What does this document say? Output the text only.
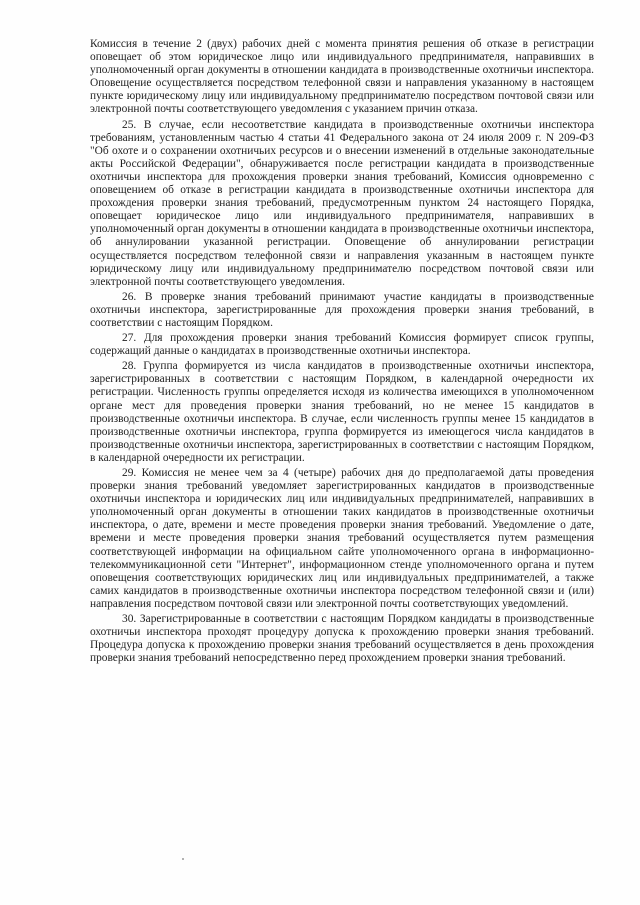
Комиссия в течение 2 (двух) рабочих дней с момента принятия решения об отказе в регистрации оповещает об этом юридическое лицо или индивидуального предпринимателя, направивших в уполномоченный орган документы в отношении кандидата в производственные охотничьи инспектора. Оповещение осуществляется посредством телефонной связи и направления указанному в настоящем пункте юридическому лицу или индивидуальному предпринимателю посредством почтовой связи или электронной почты соответствующего уведомления с указанием причин отказа.

25. В случае, если несоответствие кандидата в производственные охотничьи инспектора требованиям, установленным частью 4 статьи 41 Федерального закона от 24 июля 2009 г. N 209-ФЗ "Об охоте и о сохранении охотничьих ресурсов и о внесении изменений в отдельные законодательные акты Российской Федерации", обнаруживается после регистрации кандидата в производственные охотничьи инспектора для прохождения проверки знания требований, Комиссия одновременно с оповещением об отказе в регистрации кандидата в производственные охотничьи инспектора для прохождения проверки знания требований, предусмотренным пунктом 24 настоящего Порядка, оповещает юридическое лицо или индивидуального предпринимателя, направивших в уполномоченный орган документы в отношении кандидата в производственные охотничьи инспектора, об аннулировании указанной регистрации. Оповещение об аннулировании регистрации осуществляется посредством телефонной связи и направления указанным в настоящем пункте юридическому лицу или индивидуальному предпринимателю посредством почтовой связи или электронной почты соответствующего уведомления.

26. В проверке знания требований принимают участие кандидаты в производственные охотничьи инспектора, зарегистрированные для прохождения проверки знания требований, в соответствии с настоящим Порядком.

27. Для прохождения проверки знания требований Комиссия формирует список группы, содержащий данные о кандидатах в производственные охотничьи инспектора.

28. Группа формируется из числа кандидатов в производственные охотничьи инспектора, зарегистрированных в соответствии с настоящим Порядком, в календарной очередности их регистрации. Численность группы определяется исходя из количества имеющихся в уполномоченном органе мест для проведения проверки знания требований, но не менее 15 кандидатов в производственные охотничьи инспектора. В случае, если численность группы менее 15 кандидатов в производственные охотничьи инспектора, группа формируется из имеющегося числа кандидатов в производственные охотничьи инспектора, зарегистрированных в соответствии с настоящим Порядком, в календарной очередности их регистрации.

29. Комиссия не менее чем за 4 (четыре) рабочих дня до предполагаемой даты проведения проверки знания требований уведомляет зарегистрированных кандидатов в производственные охотничьи инспектора и юридических лиц или индивидуальных предпринимателей, направивших в уполномоченный орган документы в отношении таких кандидатов в производственные охотничьи инспектора, о дате, времени и месте проведения проверки знания требований. Уведомление о дате, времени и месте проведения проверки знания требований осуществляется путем размещения соответствующей информации на официальном сайте уполномоченного органа в информационно-телекоммуникационной сети "Интернет", информационном стенде уполномоченного органа и путем оповещения соответствующих юридических лиц или индивидуальных предпринимателей, а также самих кандидатов в производственные охотничьи инспектора посредством телефонной связи и (или) направления посредством почтовой связи или электронной почты соответствующих уведомлений.

30. Зарегистрированные в соответствии с настоящим Порядком кандидаты в производственные охотничьи инспектора проходят процедуру допуска к прохождению проверки знания требований. Процедура допуска к прохождению проверки знания требований осуществляется в день прохождения проверки знания требований непосредственно перед прохождением проверки знания требований.
